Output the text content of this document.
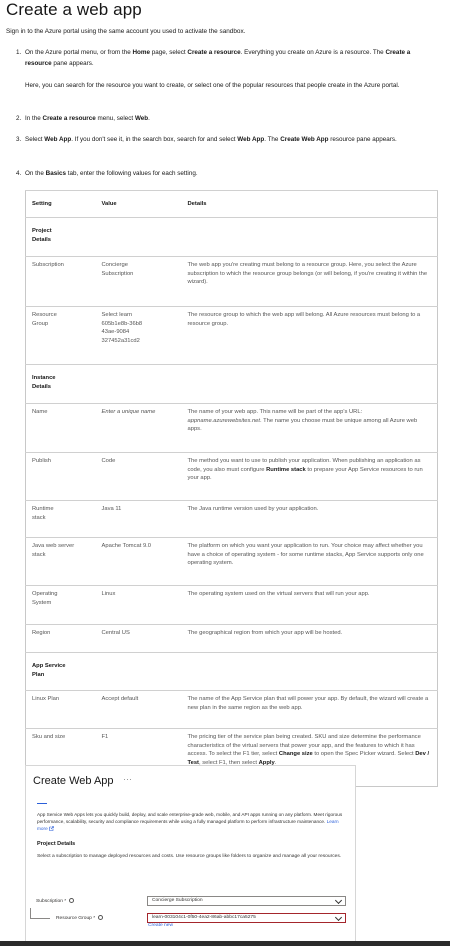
Create a web app
Sign in to the Azure portal using the same account you used to activate the sandbox.
1. On the Azure portal menu, or from the Home page, select Create a resource. Everything you create on Azure is a resource. The Create a resource pane appears.
Here, you can search for the resource you want to create, or select one of the popular resources that people create in the Azure portal.
2. In the Create a resource menu, select Web.
3. Select Web App. If you don't see it, in the search box, search for and select Web App. The Create Web App resource pane appears.
4. On the Basics tab, enter the following values for each setting.
Setting	Value	Details

Project Details		

Subscription	Concierge Subscription	The web app you're creating must belong to a resource group. Here, you select the Azure subscription to which the resource group belongs (or will belong, if you're creating it within the wizard).

Resource Group	Select learn 605b1e8b-36b8 43ae-9084 327452a31cd2	The resource group to which the web app will belong. All Azure resources must belong to a resource group.

Instance Details		

Name	Enter a unique name	The name of your web app. This name will be part of the app's URL: appname.azurewebsites.net. The name you choose must be unique among all Azure web apps.
Publish	Code	The method you want to use to publish your application. When publishing an application as code, you also must configure Runtime stack to prepare your App Service resources to run your app.

Runtime stack	Java 11	The Java runtime version used by your application.

Java web server stack	Apache Tomcat 9.0	The platform on which you want your application to run. Your choice may affect whether you have a choice of operating system - for some runtime stacks, App Service supports only one operating system.

Operating System	Linux	The operating system used on the virtual servers that will run your app.
Region	Central US	The geographical region from which your app will be hosted.

App Service Plan		

Linux Plan	Accept default	The name of the App Service plan that will power your app. By default, the wizard will create a new plan in the same region as the web app.
Sku and size	F1	The pricing tier of the service plan being created. SKU and size determine the performance characteristics of the virtual servers that power your app, and the features to which it has access. To select the F1 tier, select Change size to open the Spec Picker wizard. Select Dev / Test, select F1, then select Apply.
Create Web App ···
App Service Web Apps lets you quickly build, deploy, and scale enterprise-grade web, mobile, and API apps running on any platform. Meet rigorous performance, scalability, security and compliance requirements while using a fully managed platform to perform infrastructure maintenance. Learn more
Project Details
Select a subscription to manage deployed resources and costs. Use resource groups like folders to organize and manage all your resources.
Subscription *	Concierge Subscription
Resource Group *	learn-003104c1-0f50-4ea2-86ab-abbc17ca5275
Create new
